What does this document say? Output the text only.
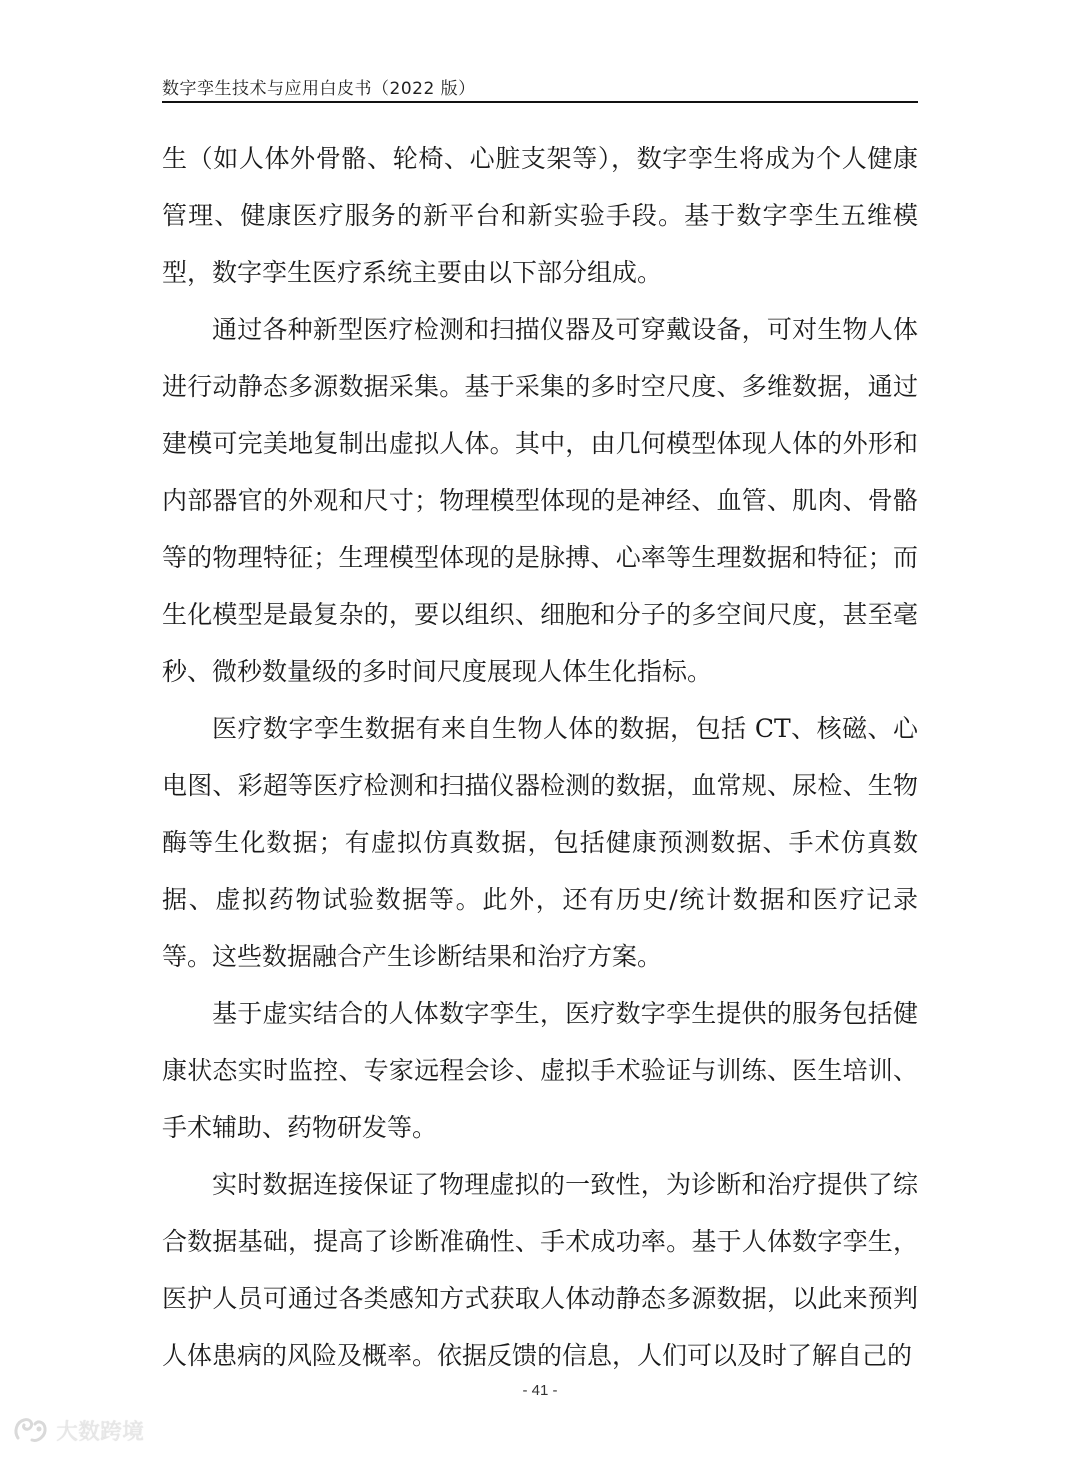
数字孪生技术与应用白皮书（2022 版）

生（如人体外骨骼、轮椅、心脏支架等），数字孪生将成为个人健康管理、健康医疗服务的新平台和新实验手段。基于数字孪生五维模型，数字孪生医疗系统主要由以下部分组成。

通过各种新型医疗检测和扫描仪器及可穿戴设备，可对生物人体进行动静态多源数据采集。基于采集的多时空尺度、多维数据，通过建模可完美地复制出虚拟人体。其中，由几何模型体现人体的外形和内部器官的外观和尺寸；物理模型体现的是神经、血管、肌肉、骨骼等的物理特征；生理模型体现的是脉搏、心率等生理数据和特征；而生化模型是最复杂的，要以组织、细胞和分子的多空间尺度，甚至毫秒、微秒数量级的多时间尺度展现人体生化指标。

医疗数字孪生数据有来自生物人体的数据，包括 CT、核磁、心电图、彩超等医疗检测和扫描仪器检测的数据，血常规、尿检、生物酶等生化数据；有虚拟仿真数据，包括健康预测数据、手术仿真数据、虚拟药物试验数据等。此外，还有历史/统计数据和医疗记录等。这些数据融合产生诊断结果和治疗方案。

基于虚实结合的人体数字孪生，医疗数字孪生提供的服务包括健康状态实时监控、专家远程会诊、虚拟手术验证与训练、医生培训、手术辅助、药物研发等。

实时数据连接保证了物理虚拟的一致性，为诊断和治疗提供了综合数据基础，提高了诊断准确性、手术成功率。基于人体数字孪生，医护人员可通过各类感知方式获取人体动静态多源数据，以此来预判人体患病的风险及概率。依据反馈的信息，人们可以及时了解自己的

- 41 -
大数跨境
